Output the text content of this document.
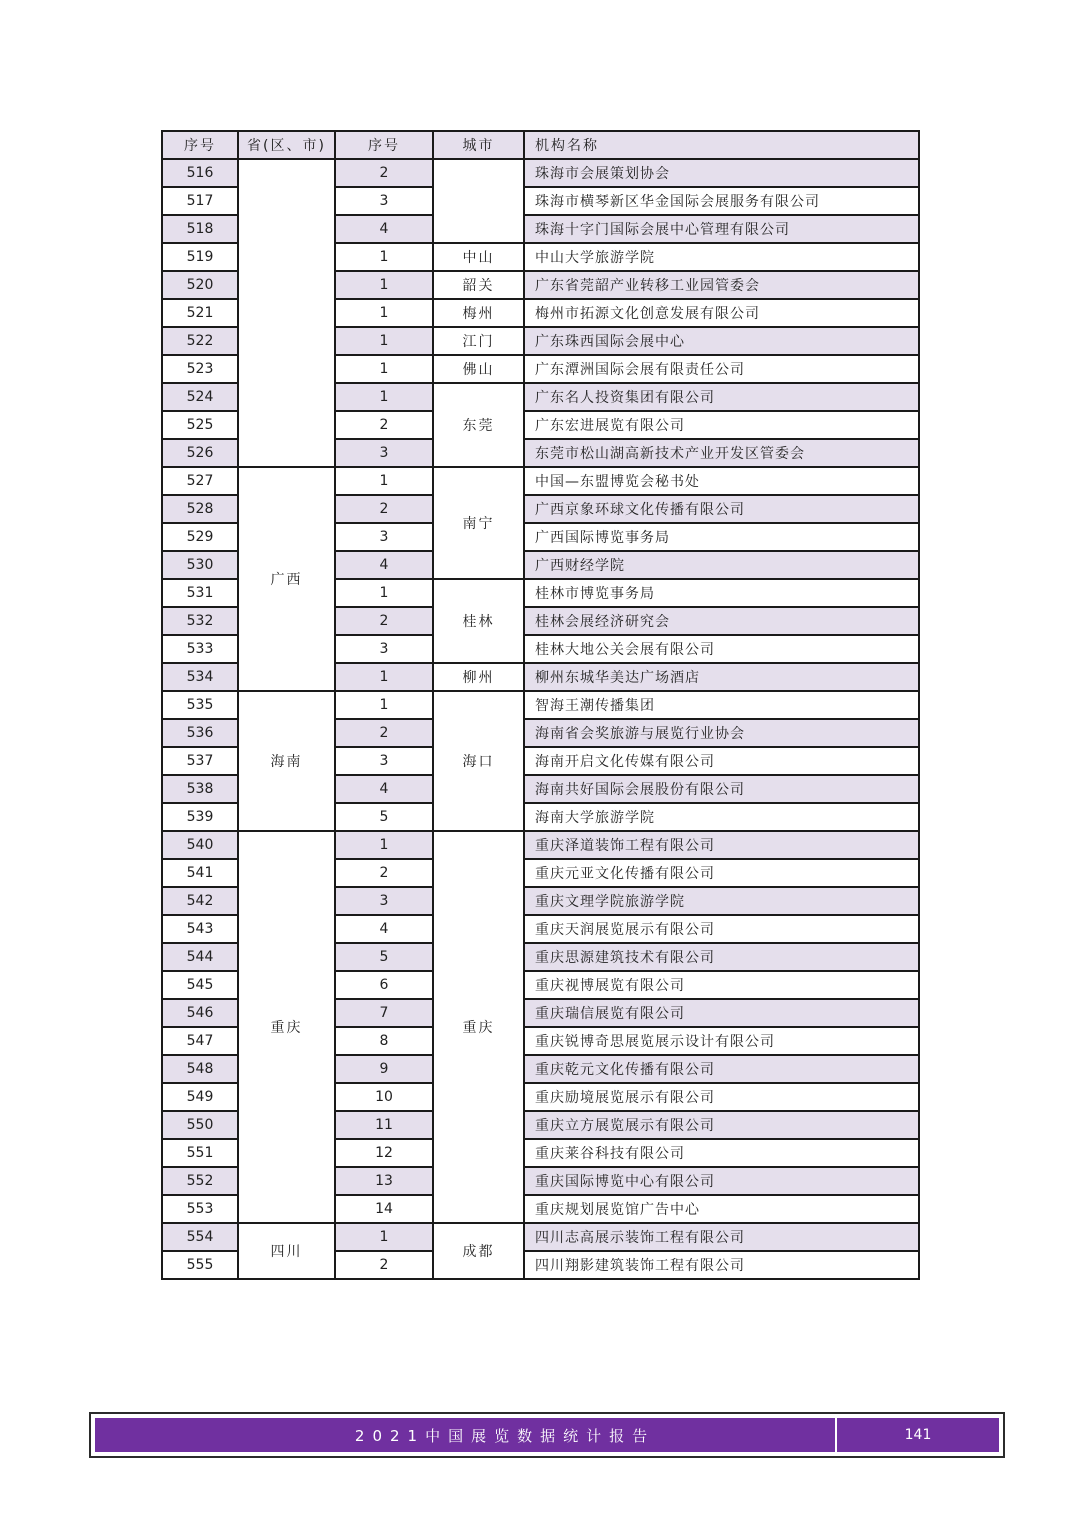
序号	省(区、市)	序号	城市	机构名称
516		2		珠海市会展策划协会
517		3		珠海市横琴新区华金国际会展服务有限公司
518		4		珠海十字门国际会展中心管理有限公司
519		1	中山	中山大学旅游学院
520		1	韶关	广东省莞韶产业转移工业园管委会
521		1	梅州	梅州市拓源文化创意发展有限公司
522		1	江门	广东珠西国际会展中心
523		1	佛山	广东潭洲国际会展有限责任公司
524		1	东莞	广东名人投资集团有限公司
525		2		广东宏进展览有限公司
526		3		东莞市松山湖高新技术产业开发区管委会
527	广西	1	南宁	中国—东盟博览会秘书处
528		2		广西京象环球文化传播有限公司
529		3		广西国际博览事务局
530		4		广西财经学院
531		1	桂林	桂林市博览事务局
532		2		桂林会展经济研究会
533		3		桂林大地公关会展有限公司
534		1	柳州	柳州东城华美达广场酒店
535	海南	1	海口	智海王潮传播集团
536		2		海南省会奖旅游与展览行业协会
537		3		海南开启文化传媒有限公司
538		4		海南共好国际会展股份有限公司
539		5		海南大学旅游学院
540	重庆	1	重庆	重庆泽道装饰工程有限公司
541		2		重庆元亚文化传播有限公司
542		3		重庆文理学院旅游学院
543		4		重庆天润展览展示有限公司
544		5		重庆思源建筑技术有限公司
545		6		重庆视博展览有限公司
546		7		重庆瑞信展览有限公司
547		8		重庆锐博奇思展览展示设计有限公司
548		9		重庆乾元文化传播有限公司
549		10		重庆励境展览展示有限公司
550		11		重庆立方展览展示有限公司
551		12		重庆莱谷科技有限公司
552		13		重庆国际博览中心有限公司
553		14		重庆规划展览馆广告中心
554	四川	1	成都	四川志高展示装饰工程有限公司
555		2		四川翔影建筑装饰工程有限公司
2021中国展览数据统计报告	141
